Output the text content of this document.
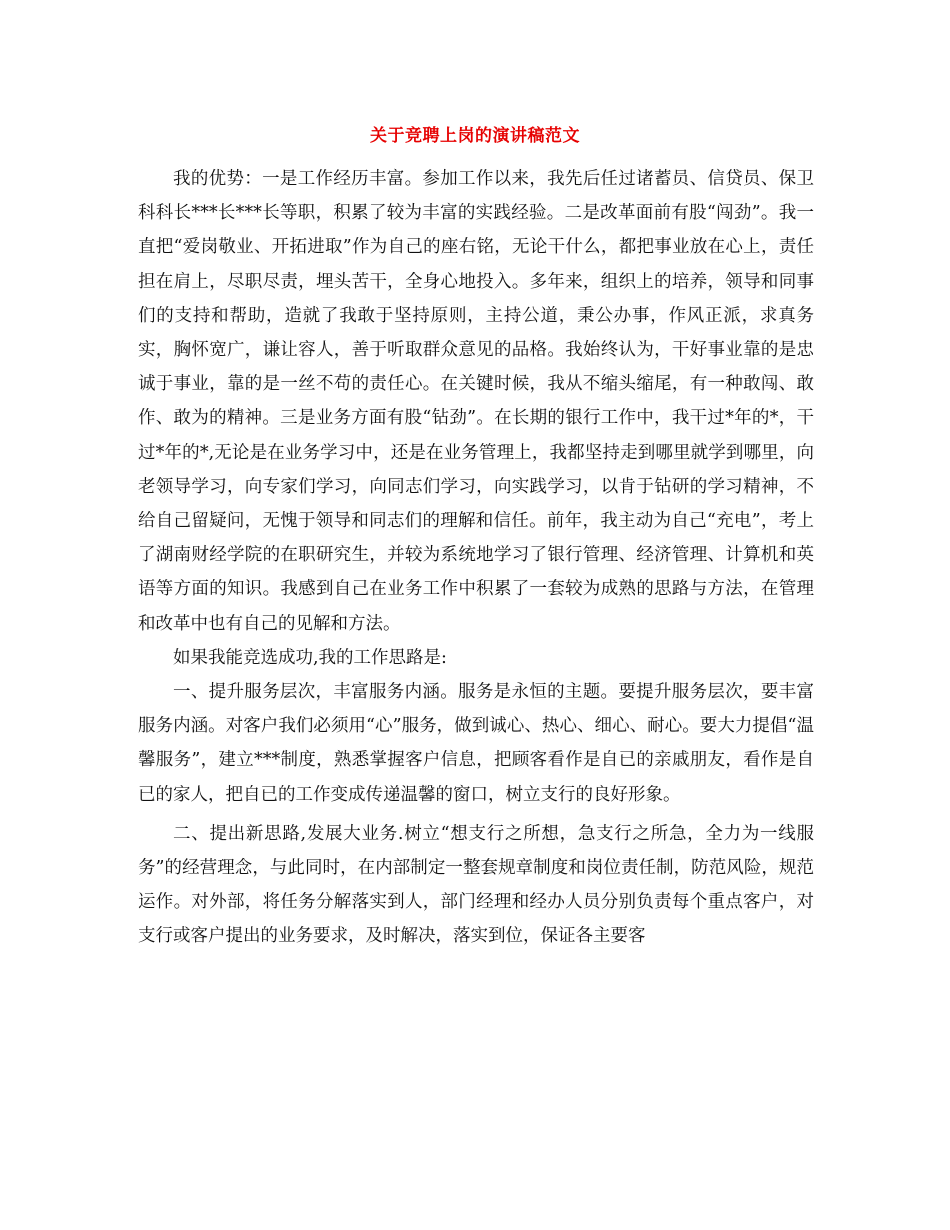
关于竞聘上岗的演讲稿范文

我的优势：一是工作经历丰富。参加工作以来，我先后任过诸蓄员、信贷员、保卫科科长***长***长等职，积累了较为丰富的实践经验。二是改革面前有股“闯劲”。我一直把“爱岗敬业、开拓进取”作为自己的座右铭，无论干什么，都把事业放在心上，责任担在肩上，尽职尽责，埋头苦干，全身心地投入。多年来，组织上的培养，领导和同事们的支持和帮助，造就了我敢于坚持原则，主持公道，秉公办事，作风正派，求真务实，胸怀宽广，谦让容人，善于听取群众意见的品格。我始终认为，干好事业靠的是忠诚于事业，靠的是一丝不苟的责任心。在关键时候，我从不缩头缩尾，有一种敢闯、敢作、敢为的精神。三是业务方面有股“钻劲”。在长期的银行工作中，我干过*年的*，干过*年的*,无论是在业务学习中，还是在业务管理上，我都坚持走到哪里就学到哪里，向老领导学习，向专家们学习，向同志们学习，向实践学习，以肯于钻研的学习精神，不给自己留疑问，无愧于领导和同志们的理解和信任。前年，我主动为自己“充电”，考上了湖南财经学院的在职研究生，并较为系统地学习了银行管理、经济管理、计算机和英语等方面的知识。我感到自己在业务工作中积累了一套较为成熟的思路与方法，在管理和改革中也有自己的见解和方法。

如果我能竞选成功,我的工作思路是:

一、提升服务层次，丰富服务内涵。服务是永恒的主题。要提升服务层次，要丰富服务内涵。对客户我们必须用“心”服务，做到诚心、热心、细心、耐心。要大力提倡“温馨服务”，建立***制度，熟悉掌握客户信息，把顾客看作是自已的亲戚朋友，看作是自已的家人，把自已的工作变成传递温馨的窗口，树立支行的良好形象。

二、提出新思路,发展大业务.树立“想支行之所想，急支行之所急，全力为一线服务”的经营理念，与此同时，在内部制定一整套规章制度和岗位责任制，防范风险，规范运作。对外部，将任务分解落实到人，部门经理和经办人员分别负责每个重点客户，对支行或客户提出的业务要求，及时解决，落实到位，保证各主要客
